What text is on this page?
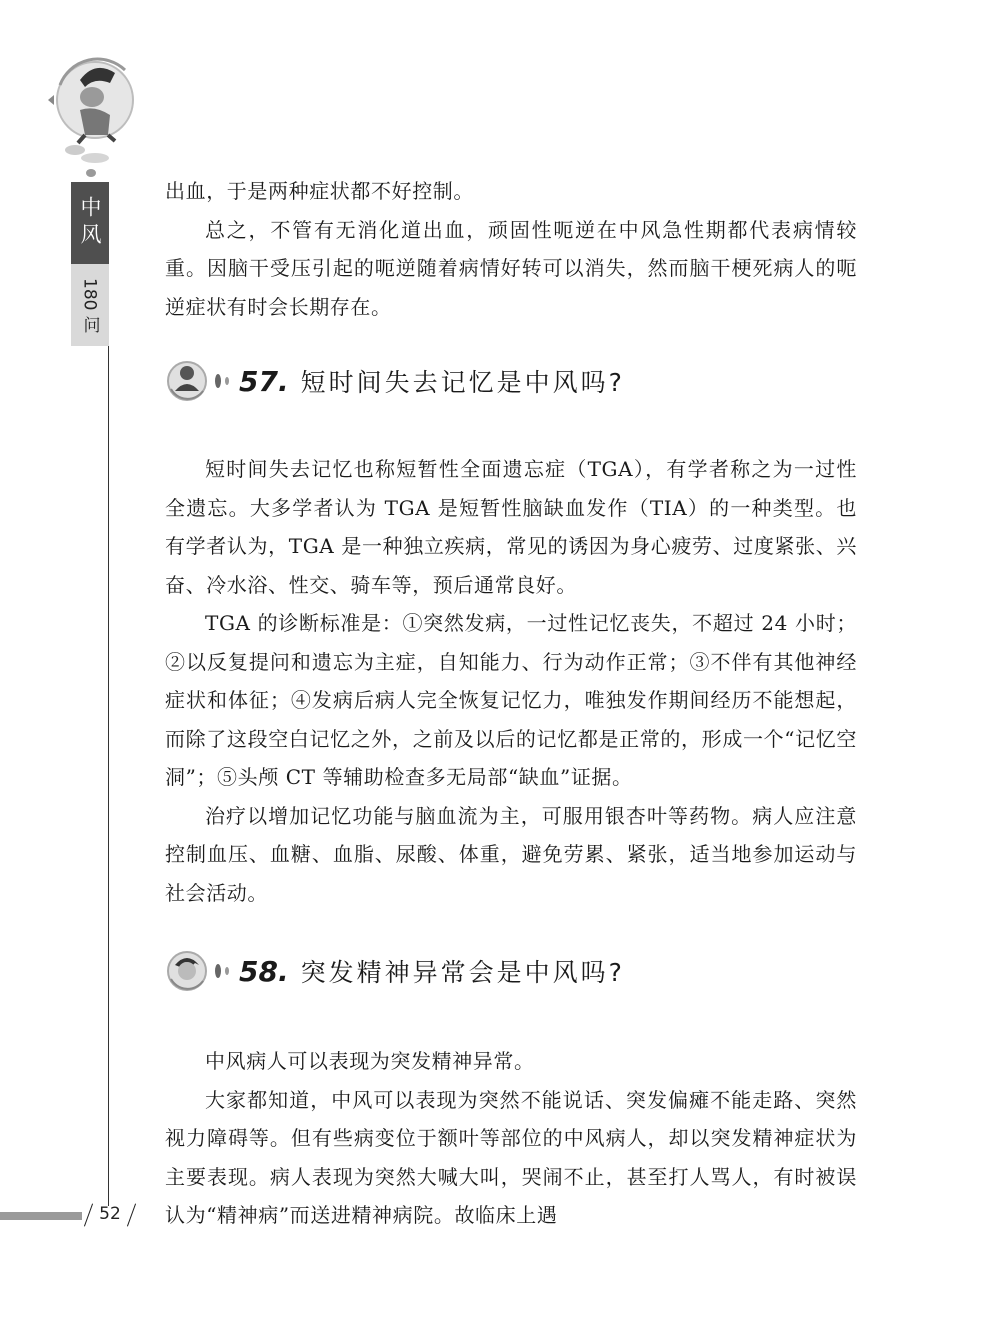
中风
180 问
52

出血，于是两种症状都不好控制。

总之，不管有无消化道出血，顽固性呃逆在中风急性期都代表病情较重。因脑干受压引起的呃逆随着病情好转可以消失，然而脑干梗死病人的呃逆症状有时会长期存在。

57. 短时间失去记忆是中风吗?

短时间失去记忆也称短暂性全面遗忘症（TGA），有学者称之为一过性全遗忘。大多学者认为 TGA 是短暂性脑缺血发作（TIA）的一种类型。也有学者认为，TGA 是一种独立疾病，常见的诱因为身心疲劳、过度紧张、兴奋、冷水浴、性交、骑车等，预后通常良好。

TGA 的诊断标准是：①突然发病，一过性记忆丧失，不超过 24 小时；②以反复提问和遗忘为主症，自知能力、行为动作正常；③不伴有其他神经症状和体征；④发病后病人完全恢复记忆力，唯独发作期间经历不能想起，而除了这段空白记忆之外，之前及以后的记忆都是正常的，形成一个“记忆空洞”；⑤头颅 CT 等辅助检查多无局部“缺血”证据。

治疗以增加记忆功能与脑血流为主，可服用银杏叶等药物。病人应注意控制血压、血糖、血脂、尿酸、体重，避免劳累、紧张，适当地参加运动与社会活动。

58. 突发精神异常会是中风吗?

中风病人可以表现为突发精神异常。

大家都知道，中风可以表现为突然不能说话、突发偏瘫不能走路、突然视力障碍等。但有些病变位于额叶等部位的中风病人，却以突发精神症状为主要表现。病人表现为突然大喊大叫，哭闹不止，甚至打人骂人，有时被误认为“精神病”而送进精神病院。故临床上遇
